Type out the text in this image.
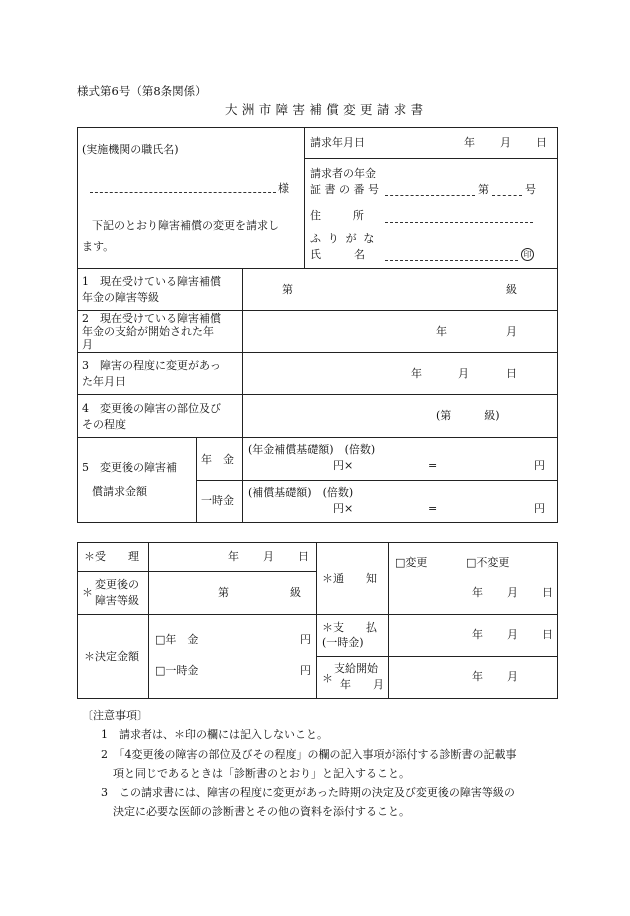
様式第6号（第8条関係）
大洲市障害補償変更請求書
(実施機関の職氏名)
様
下記のとおり障害補償の変更を請求し
ます。
請求年月日	年 月 日
請求者の年金
証 書 の 番 号	第	号
住　　所
ふ り が な
氏　　　名	印
1　現在受けている障害補償
年金の障害等級
第	級
2　現在受けている障害補償
年金の支給が開始された年
月
年	月
3　障害の程度に変更があっ
た年月日
年	月	日
4　変更後の障害の部位及び
その程度
(第　　　級)
5　変更後の障害補
償請求金額
年　金
(年金補償基礎額)　(倍数)
円×	=	円
一時金
(補償基礎額)　(倍数)
円×	=	円
＊受　　理	年 月 日
＊
変更後の
障害等級
第	級
＊通　　知
□変更	□不変更
年 月 日
＊決定金額
□年　金	円
□一時金	円
＊支　　払
(一時金)
年 月 日
＊
支給開始
年　　月
年 月
〔注意事項〕
1　請求者は、＊印の欄には記入しないこと。
2　「4変更後の障害の部位及びその程度」の欄の記入事項が添付する診断書の記載事
項と同じであるときは「診断書のとおり」と記入すること。
3　この請求書には、障害の程度に変更があった時期の決定及び変更後の障害等級の
決定に必要な医師の診断書とその他の資料を添付すること。
